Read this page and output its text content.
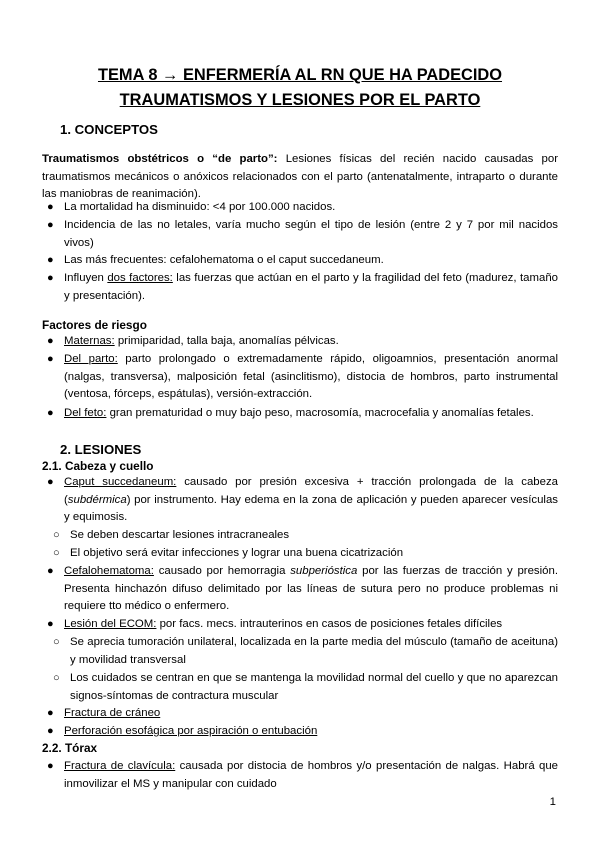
TEMA 8 → ENFERMERÍA AL RN QUE HA PADECIDO
TRAUMATISMOS Y LESIONES POR EL PARTO
1. CONCEPTOS
Traumatismos obstétricos o “de parto”: Lesiones físicas del recién nacido causadas por traumatismos mecánicos o anóxicos relacionados con el parto (antenatalmente, intraparto o durante las maniobras de reanimación).
● La mortalidad ha disminuido: <4 por 100.000 nacidos.
● Incidencia de las no letales, varía mucho según el tipo de lesión (entre 2 y 7 por mil nacidos vivos)
● Las más frecuentes: cefalohematoma o el caput succedaneum.
● Influyen dos factores: las fuerzas que actúan en el parto y la fragilidad del feto (madurez, tamaño y presentación).
Factores de riesgo
● Maternas: primiparidad, talla baja, anomalías pélvicas.
● Del parto: parto prolongado o extremadamente rápido, oligoamnios, presentación anormal (nalgas, transversa), malposición fetal (asinclitismo), distocia de hombros, parto instrumental (ventosa, fórceps, espátulas), versión-extracción.
● Del feto: gran prematuridad o muy bajo peso, macrosomía, macrocefalia y anomalías fetales.
2. LESIONES
2.1. Cabeza y cuello
● Caput succedaneum: causado por presión excesiva + tracción prolongada de la cabeza (subdérmica) por instrumento. Hay edema en la zona de aplicación y pueden aparecer vesículas y equimosis.
○ Se deben descartar lesiones intracraneales
○ El objetivo será evitar infecciones y lograr una buena cicatrización
● Cefalohematoma: causado por hemorragia subperióstica por las fuerzas de tracción y presión. Presenta hinchazón difuso delimitado por las líneas de sutura pero no produce problemas ni requiere tto médico o enfermero.
● Lesión del ECOM: por facs. mecs. intrauterinos en casos de posiciones fetales difíciles
○ Se aprecia tumoración unilateral, localizada en la parte media del músculo (tamaño de aceituna) y movilidad transversal
○ Los cuidados se centran en que se mantenga la movilidad normal del cuello y que no aparezcan signos-síntomas de contractura muscular
● Fractura de cráneo
● Perforación esofágica por aspiración o entubación
2.2. Tórax
● Fractura de clavícula: causada por distocia de hombros y/o presentación de nalgas. Habrá que inmovilizar el MS y manipular con cuidado
1
